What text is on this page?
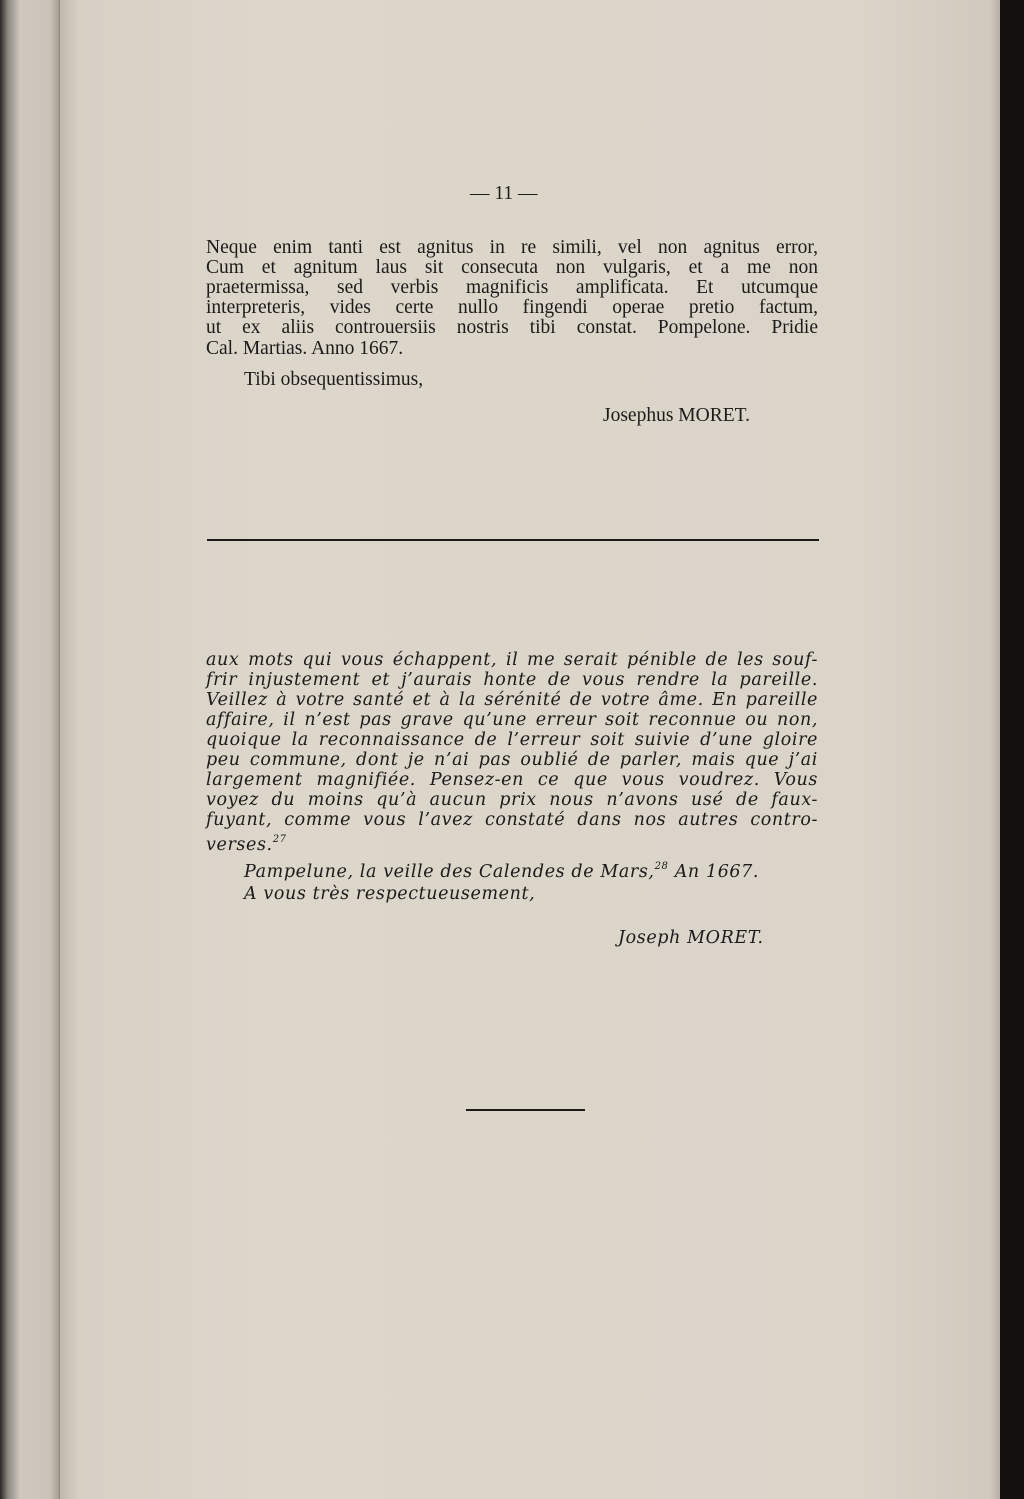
— 11 —
Neque enim tanti est agnitus in re simili, vel non agnitus error,
Cum et agnitum laus sit consecuta non vulgaris, et a me non
praetermissa, sed verbis magnificis amplificata. Et utcumque
interpreteris, vides certe nullo fingendi operae pretio factum,
ut ex aliis controuersiis nostris tibi constat. Pompelone. Pridie
Cal. Martias. Anno 1667.
Tibi obsequentissimus,
Josephus MORET.
aux mots qui vous échappent, il me serait pénible de les souf-
frir injustement et j’aurais honte de vous rendre la pareille.
Veillez à votre santé et à la sérénité de votre âme. En pareille
affaire, il n’est pas grave qu’une erreur soit reconnue ou non,
quoique la reconnaissance de l’erreur soit suivie d’une gloire
peu commune, dont je n’ai pas oublié de parler, mais que j’ai
largement magnifiée. Pensez-en ce que vous voudrez. Vous
voyez du moins qu’à aucun prix nous n’avons usé de faux-
fuyant, comme vous l’avez constaté dans nos autres contro-
verses.$^{27}$
Pampelune, la veille des Calendes de Mars,$^{28}$ An 1667.
A vous très respectueusement,
Joseph MORET.
